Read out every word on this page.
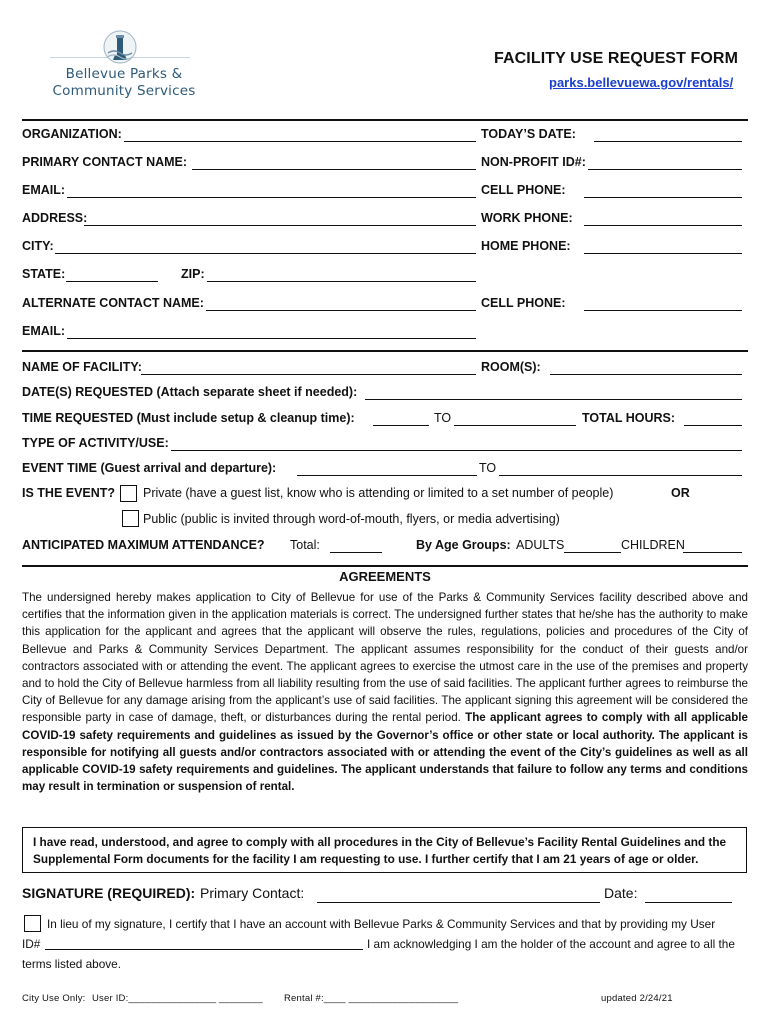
Bellevue Parks &
Community Services
FACILITY USE REQUEST FORM
parks.bellevuewa.gov/rentals/
ORGANIZATION:	TODAY’S DATE:
PRIMARY CONTACT NAME:	NON-PROFIT ID#:
EMAIL:	CELL PHONE:
ADDRESS:	WORK PHONE:
CITY:	HOME PHONE:
STATE:	ZIP:
ALTERNATE CONTACT NAME:	CELL PHONE:
EMAIL:
NAME OF FACILITY:	ROOM(S):
DATE(S) REQUESTED (Attach separate sheet if needed):
TIME REQUESTED (Must include setup & cleanup time):	TO	TOTAL HOURS:
TYPE OF ACTIVITY/USE:
EVENT TIME (Guest arrival and departure):	TO
IS THE EVENT? Private (have a guest list, know who is attending or limited to a set number of people)	OR
Public (public is invited through word-of-mouth, flyers, or media advertising)
ANTICIPATED MAXIMUM ATTENDANCE? Total:	By Age Groups: ADULTS	CHILDREN
AGREEMENTS
The undersigned hereby makes application to City of Bellevue for use of the Parks & Community Services facility described above and certifies that the information given in the application materials is correct. The undersigned further states that he/she has the authority to make this application for the applicant and agrees that the applicant will observe the rules, regulations, policies and procedures of the City of Bellevue and Parks & Community Services Department. The applicant assumes responsibility for the conduct of their guests and/or contractors associated with or attending the event. The applicant agrees to exercise the utmost care in the use of the premises and property and to hold the City of Bellevue harmless from all liability resulting from the use of said facilities. The applicant further agrees to reimburse the City of Bellevue for any damage arising from the applicant’s use of said facilities. The applicant signing this agreement will be considered the responsible party in case of damage, theft, or disturbances during the rental period. The applicant agrees to comply with all applicable COVID-19 safety requirements and guidelines as issued by the Governor’s office or other state or local authority. The applicant is responsible for notifying all guests and/or contractors associated with or attending the event of the City’s guidelines as well as all applicable COVID-19 safety requirements and guidelines. The applicant understands that failure to follow any terms and conditions may result in termination or suspension of rental.
I have read, understood, and agree to comply with all procedures in the City of Bellevue’s Facility Rental Guidelines and the Supplemental Form documents for the facility I am requesting to use. I further certify that I am 21 years of age or older.
SIGNATURE (REQUIRED): Primary Contact:	Date:
In lieu of my signature, I certify that I have an account with Bellevue Parks & Community Services and that by providing my User
ID#	I am acknowledging I am the holder of the account and agree to all the
terms listed above.
City Use Only: User ID:________________ ________ Rental #:____ ____________________	updated 2/24/21
